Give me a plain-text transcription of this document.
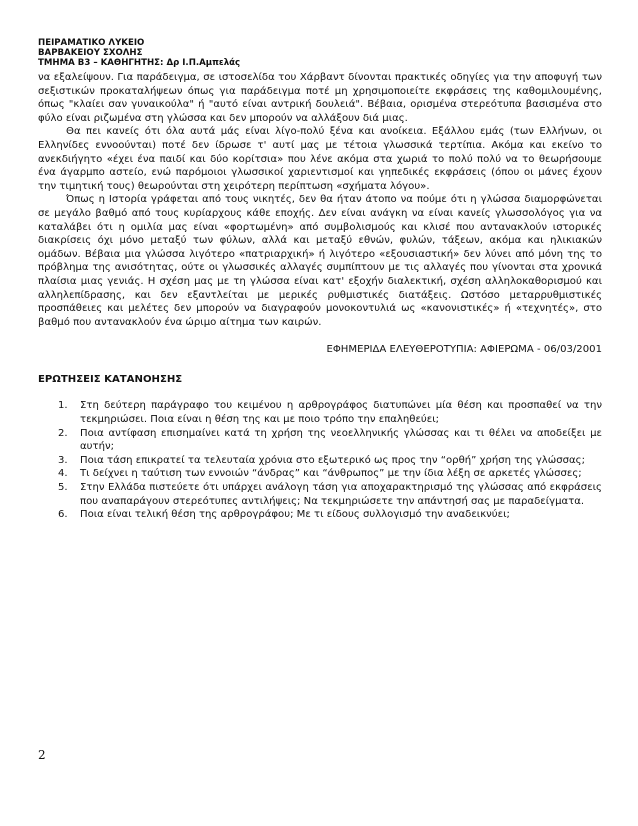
ΠΕΙΡΑΜΑΤΙΚΟ ΛΥΚΕΙΟ

ΒΑΡΒΑΚΕΙΟΥ ΣΧΟΛΗΣ

ΤΜΗΜΑ Β3 – ΚΑΘΗΓΗΤΗΣ: Δρ Ι.Π.Αμπελάς

να εξαλείψουν. Για παράδειγμα, σε ιστοσελίδα του Χάρβαντ δίνονται πρακτικές οδηγίες για την αποφυγή των σεξιστικών προκαταλήψεων όπως για παράδειγμα ποτέ μη χρησιμοποιείτε εκφράσεις της καθομιλουμένης, όπως "κλαίει σαν γυναικούλα" ή "αυτό είναι αντρική δουλειά". Βέβαια, ορισμένα στερεότυπα βασισμένα στο φύλο είναι ριζωμένα στη γλώσσα και δεν μπορούν να αλλάξουν διά μιας.

Θα πει κανείς ότι όλα αυτά μάς είναι λίγο-πολύ ξένα και ανοίκεια. Εξάλλου εμάς (των Ελλήνων, οι Ελληνίδες εννοούνται) ποτέ δεν ίδρωσε τ' αυτί μας με τέτοια γλωσσικά τερτίπια. Ακόμα και εκείνο το ανεκδιήγητο «έχει ένα παιδί και δύο κορίτσια» που λένε ακόμα στα χωριά το πολύ πολύ να το θεωρήσουμε ένα άγαρμπο αστείο, ενώ παρόμοιοι γλωσσικοί χαριεντισμοί και γηπεδικές εκφράσεις (όπου οι μάνες έχουν την τιμητική τους) θεωρούνται στη χειρότερη περίπτωση «σχήματα λόγου».

Όπως η Ιστορία γράφεται από τους νικητές, δεν θα ήταν άτοπο να πούμε ότι η γλώσσα διαμορφώνεται σε μεγάλο βαθμό από τους κυρίαρχους κάθε εποχής. Δεν είναι ανάγκη να είναι κανείς γλωσσολόγος για να καταλάβει ότι η ομιλία μας είναι «φορτωμένη» από συμβολισμούς και κλισέ που αντανακλούν ιστορικές διακρίσεις όχι μόνο μεταξύ των φύλων, αλλά και μεταξύ εθνών, φυλών, τάξεων, ακόμα και ηλικιακών ομάδων. Βέβαια μια γλώσσα λιγότερο «πατριαρχική» ή λιγότερο «εξουσιαστική» δεν λύνει από μόνη της το πρόβλημα της ανισότητας, ούτε οι γλωσσικές αλλαγές συμπίπτουν με τις αλλαγές που γίνονται στα χρονικά πλαίσια μιας γενιάς. Η σχέση μας με τη γλώσσα είναι κατ' εξοχήν διαλεκτική, σχέση αλληλοκαθορισμού και αλληλεπίδρασης, και δεν εξαντλείται με μερικές ρυθμιστικές διατάξεις. Ωστόσο μεταρρυθμιστικές προσπάθειες και μελέτες δεν μπορούν να διαγραφούν μονοκοντυλιά ως «κανονιστικές» ή «τεχνητές», στο βαθμό που αντανακλούν ένα ώριμο αίτημα των καιρών.

ΕΦΗΜΕΡΙΔΑ ΕΛΕΥΘΕΡΟΤΥΠΙΑ: ΑΦΙΕΡΩΜΑ - 06/03/2001

ΕΡΩΤΗΣΕΙΣ ΚΑΤΑΝΟΗΣΗΣ

1. Στη δεύτερη παράγραφο του κειμένου η αρθρογράφος διατυπώνει μία θέση και προσπαθεί να την τεκμηριώσει. Ποια είναι η θέση της και με ποιο τρόπο την επαληθεύει;
2. Ποια αντίφαση επισημαίνει κατά τη χρήση της νεοελληνικής γλώσσας και τι θέλει να αποδείξει με αυτήν;
3. Ποια τάση επικρατεί τα τελευταία χρόνια στο εξωτερικό ως προς την “ορθή” χρήση της γλώσσας;
4. Τι δείχνει η ταύτιση των εννοιών “άνδρας” και “άνθρωπος” με την ίδια λέξη σε αρκετές γλώσσες;
5. Στην Ελλάδα πιστεύετε ότι υπάρχει ανάλογη τάση για αποχαρακτηρισμό της γλώσσας από εκφράσεις που αναπαράγουν στερεότυπες αντιλήψεις; Να τεκμηριώσετε την απάντησή σας με παραδείγματα.
6. Ποια είναι τελική θέση της αρθρογράφου; Με τι είδους συλλογισμό την αναδεικνύει;
2
